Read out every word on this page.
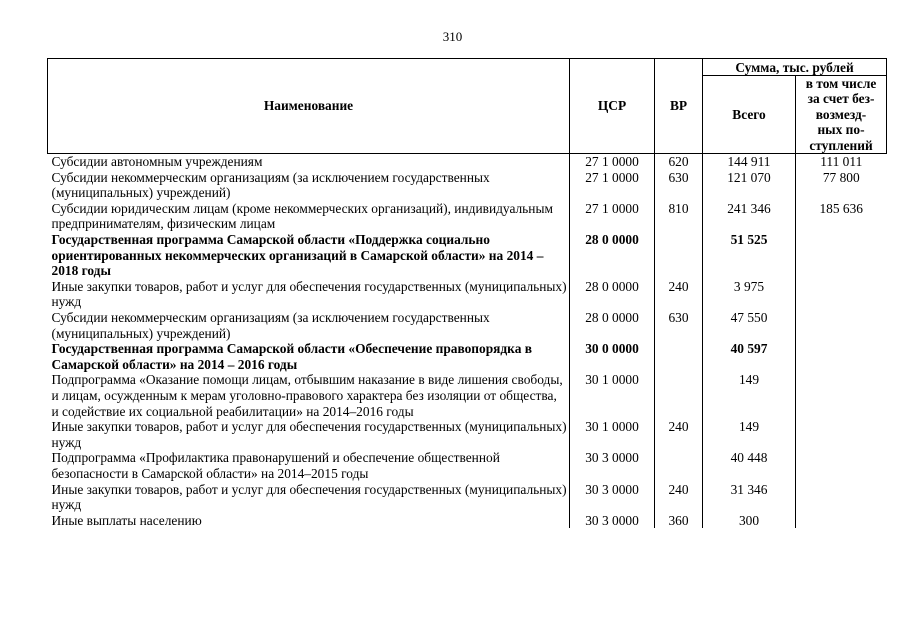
310
Наименование	ЦСР	ВР	Сумма, тыс. рублей	
			Всего	в том числе
за счет без-
возмезд-
ных по-
ступлений
Субсидии автономным учреждениям	27 1 0000	620	144 911	111 011
Субсидии некоммерческим организациям (за исключением государственных (муниципальных) учреждений)	27 1 0000	630	121 070	77 800
Субсидии юридическим лицам (кроме некоммерческих организаций), индивидуальным предпринимателям, физическим лицам	27 1 0000	810	241 346	185 636
Государственная программа Самарской области «Поддержка социально ориентированных некоммерческих организаций в Самарской области» на 2014 – 2018 годы	28 0 0000		51 525	
Иные закупки товаров, работ и услуг для обеспечения государственных (муниципальных) нужд	28 0 0000	240	3 975	
Субсидии некоммерческим организациям (за исключением государственных (муниципальных) учреждений)	28 0 0000	630	47 550	
Государственная программа Самарской области «Обеспечение правопорядка в Самарской области» на 2014 – 2016 годы	30 0 0000		40 597	
Подпрограмма «Оказание помощи лицам, отбывшим наказание в виде лишения свободы, и лицам, осужденным к мерам уголовно-правового характера без изоляции от общества, и содействие их социальной реабилитации» на 2014–2016 годы	30 1 0000		149	
Иные закупки товаров, работ и услуг для обеспечения государственных (муниципальных) нужд	30 1 0000	240	149	
Подпрограмма «Профилактика правонарушений и обеспечение общественной безопасности в Самарской области» на 2014–2015 годы	30 3 0000		40 448	
Иные закупки товаров, работ и услуг для обеспечения государственных (муниципальных) нужд	30 3 0000	240	31 346	
Иные выплаты населению	30 3 0000	360	300	
